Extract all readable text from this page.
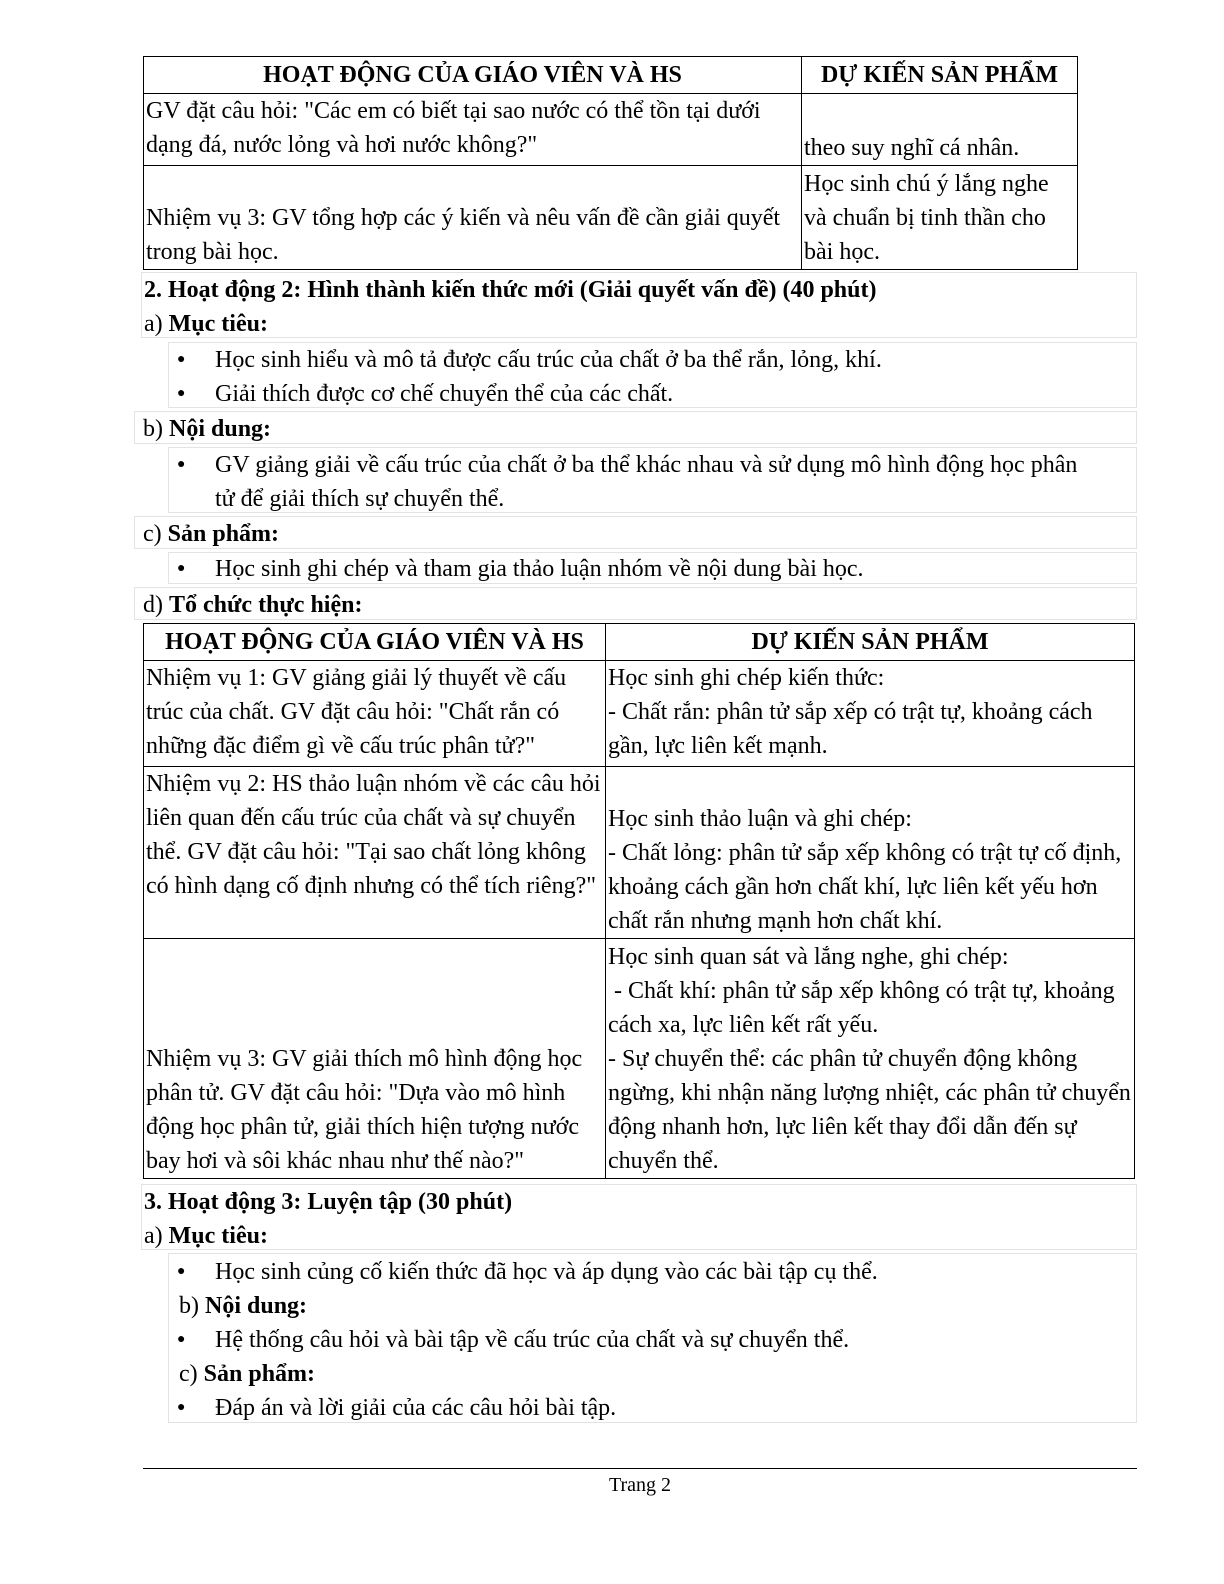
HOẠT ĐỘNG CỦA GIÁO VIÊN VÀ HS	DỰ KIẾN SẢN PHẨM
GV đặt câu hỏi: "Các em có biết tại sao nước có thể tồn tại dưới dạng đá, nước lỏng và hơi nước không?"	theo suy nghĩ cá nhân.
Nhiệm vụ 3: GV tổng hợp các ý kiến và nêu vấn đề cần giải quyết trong bài học.	Học sinh chú ý lắng nghe và chuẩn bị tinh thần cho bài học.
2. Hoạt động 2: Hình thành kiến thức mới (Giải quyết vấn đề) (40 phút)
a) Mục tiêu:
● Học sinh hiểu và mô tả được cấu trúc của chất ở ba thể rắn, lỏng, khí.
● Giải thích được cơ chế chuyển thể của các chất.
b) Nội dung:
● GV giảng giải về cấu trúc của chất ở ba thể khác nhau và sử dụng mô hình động học phân tử để giải thích sự chuyển thể.
c) Sản phẩm:
● Học sinh ghi chép và tham gia thảo luận nhóm về nội dung bài học.
d) Tổ chức thực hiện:
HOẠT ĐỘNG CỦA GIÁO VIÊN VÀ HS	DỰ KIẾN SẢN PHẨM
Nhiệm vụ 1: GV giảng giải lý thuyết về cấu trúc của chất. GV đặt câu hỏi: "Chất rắn có những đặc điểm gì về cấu trúc phân tử?"	Học sinh ghi chép kiến thức:
- Chất rắn: phân tử sắp xếp có trật tự, khoảng cách gần, lực liên kết mạnh.
Nhiệm vụ 2: HS thảo luận nhóm về các câu hỏi liên quan đến cấu trúc của chất và sự chuyển thể. GV đặt câu hỏi: "Tại sao chất lỏng không có hình dạng cố định nhưng có thể tích riêng?"	Học sinh thảo luận và ghi chép:
- Chất lỏng: phân tử sắp xếp không có trật tự cố định, khoảng cách gần hơn chất khí, lực liên kết yếu hơn chất rắn nhưng mạnh hơn chất khí.
Nhiệm vụ 3: GV giải thích mô hình động học phân tử. GV đặt câu hỏi: "Dựa vào mô hình động học phân tử, giải thích hiện tượng nước bay hơi và sôi khác nhau như thế nào?"	Học sinh quan sát và lắng nghe, ghi chép:
- Chất khí: phân tử sắp xếp không có trật tự, khoảng cách xa, lực liên kết rất yếu.
- Sự chuyển thể: các phân tử chuyển động không ngừng, khi nhận năng lượng nhiệt, các phân tử chuyển động nhanh hơn, lực liên kết thay đổi dẫn đến sự chuyển thể.
3. Hoạt động 3: Luyện tập (30 phút)
a) Mục tiêu:
● Học sinh củng cố kiến thức đã học và áp dụng vào các bài tập cụ thể.
b) Nội dung:
● Hệ thống câu hỏi và bài tập về cấu trúc của chất và sự chuyển thể.
c) Sản phẩm:
● Đáp án và lời giải của các câu hỏi bài tập.
Trang 2
